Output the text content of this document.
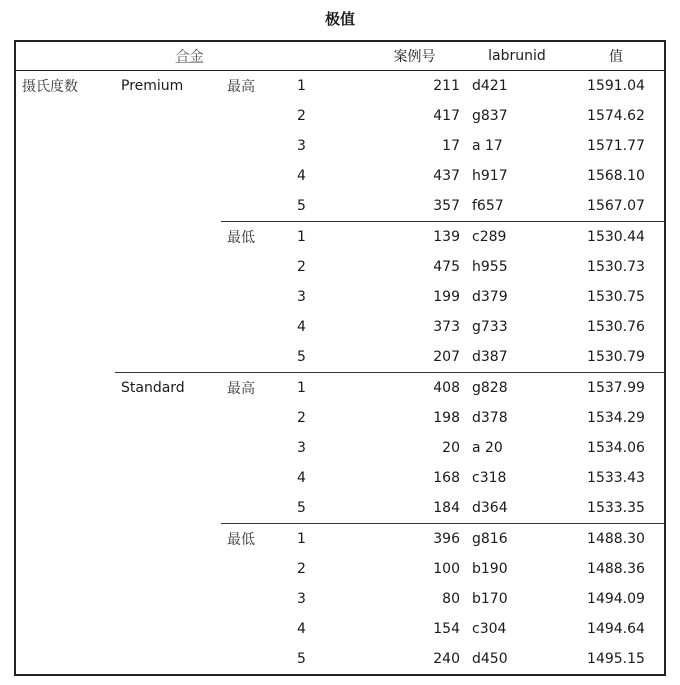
极值
合金				案例号	labrunid	值
摄氏度数	Premium	最高	1	211	d421	1591.04
			2	417	g837	1574.62
			3	17	a 17	1571.77
			4	437	h917	1568.10
			5	357	f657	1567.07
		最低	1	139	c289	1530.44
			2	475	h955	1530.73
			3	199	d379	1530.75
			4	373	g733	1530.76
			5	207	d387	1530.79
	Standard	最高	1	408	g828	1537.99
			2	198	d378	1534.29
			3	20	a 20	1534.06
			4	168	c318	1533.43
			5	184	d364	1533.35
		最低	1	396	g816	1488.30
			2	100	b190	1488.36
			3	80	b170	1494.09
			4	154	c304	1494.64
			5	240	d450	1495.15
